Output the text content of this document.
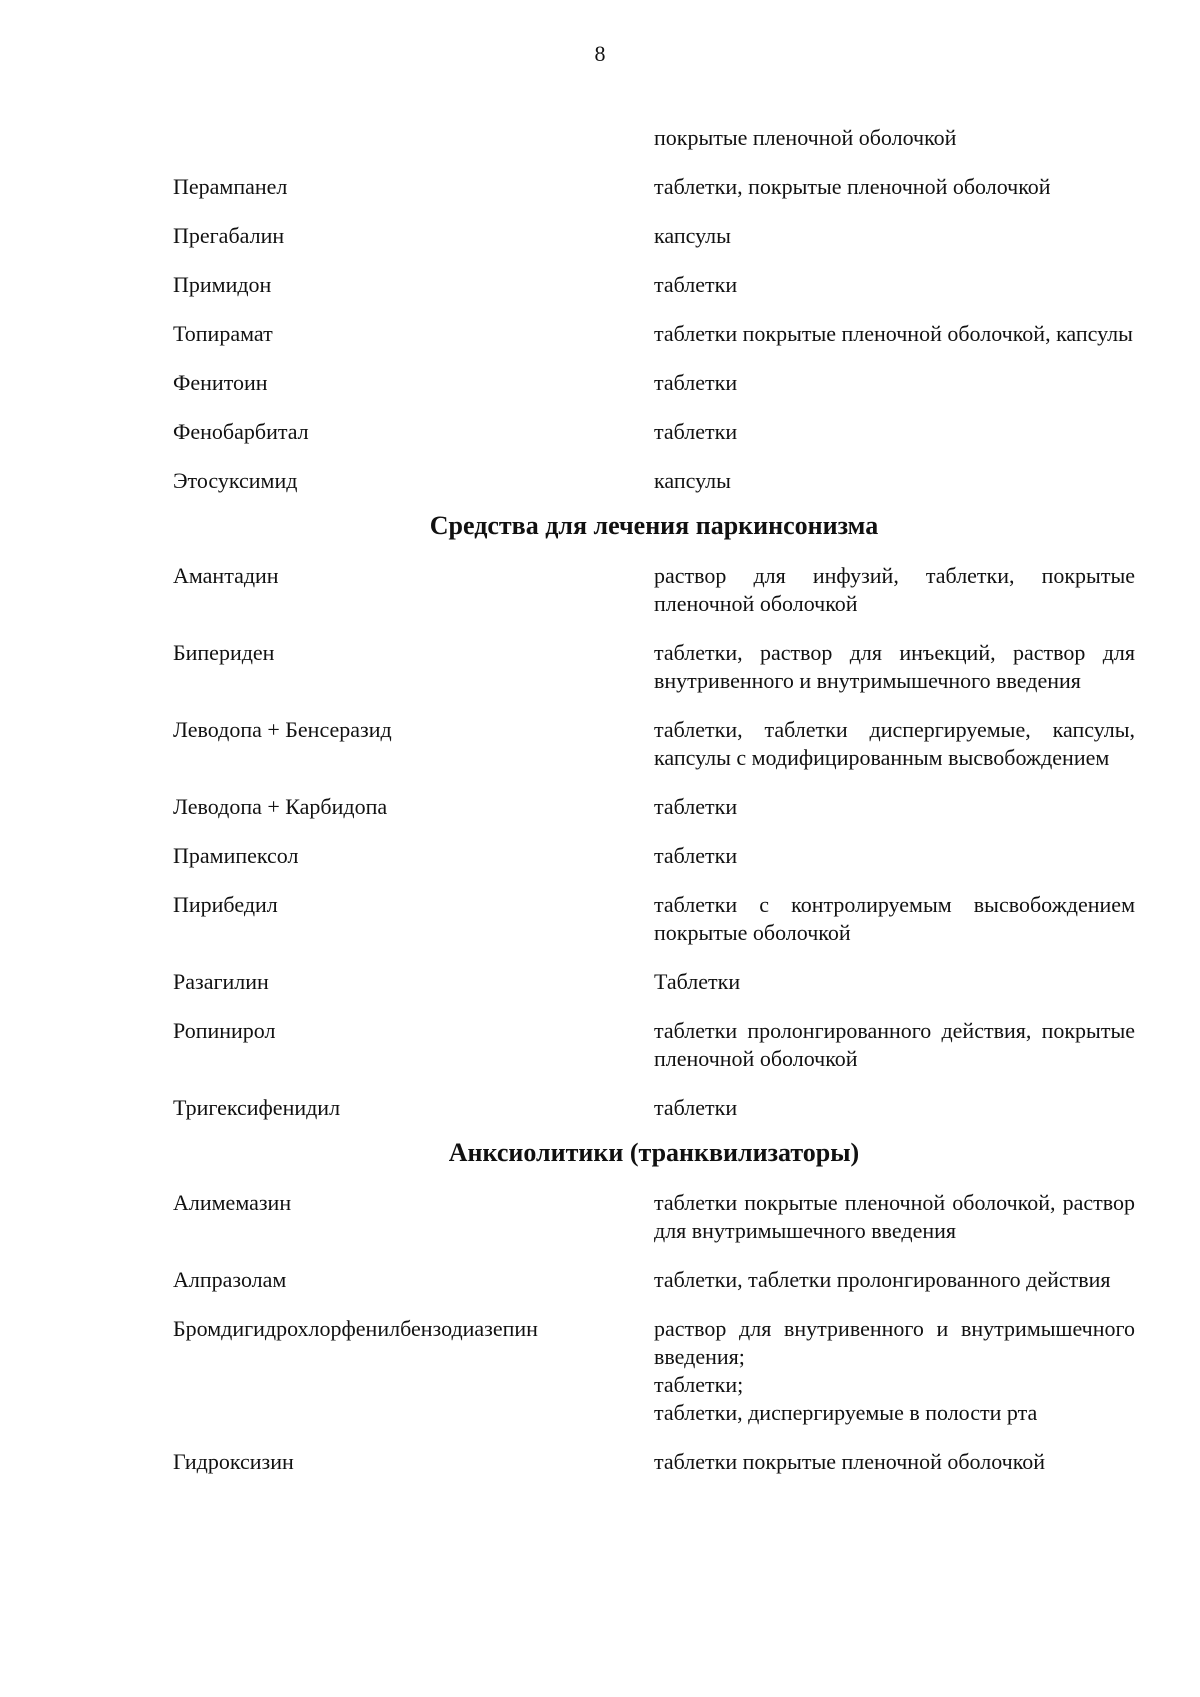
8
покрытые пленочной оболочкой
Перампанел	таблетки, покрытые пленочной оболочкой
Прегабалин	капсулы
Примидон	таблетки
Топирамат	таблетки покрытые пленочной оболочкой, капсулы
Фенитоин	таблетки
Фенобарбитал	таблетки
Этосуксимид	капсулы
Средства для лечения паркинсонизма
Амантадин	раствор для инфузий, таблетки, покрытые пленочной оболочкой
Бипериден	таблетки, раствор для инъекций, раствор для внутривенного и внутримышечного введения
Леводопа + Бенсеразид	таблетки, таблетки диспергируемые, капсулы, капсулы с модифицированным высвобождением
Леводопа + Карбидопа	таблетки
Прамипексол	таблетки
Пирибедил	таблетки с контролируемым высвобождением покрытые оболочкой
Разагилин	Таблетки
Ропинирол	таблетки пролонгированного действия, покрытые пленочной оболочкой
Тригексифенидил	таблетки
Анксиолитики (транквилизаторы)
Алимемазин	таблетки покрытые пленочной оболочкой, раствор для внутримышечного введения
Алпразолам	таблетки, таблетки пролонгированного действия
Бромдигидрохлорфенилбензодиазепин	раствор для внутривенного и внутримышечного введения;
таблетки;
таблетки, диспергируемые в полости рта
Гидроксизин	таблетки покрытые пленочной оболочкой
